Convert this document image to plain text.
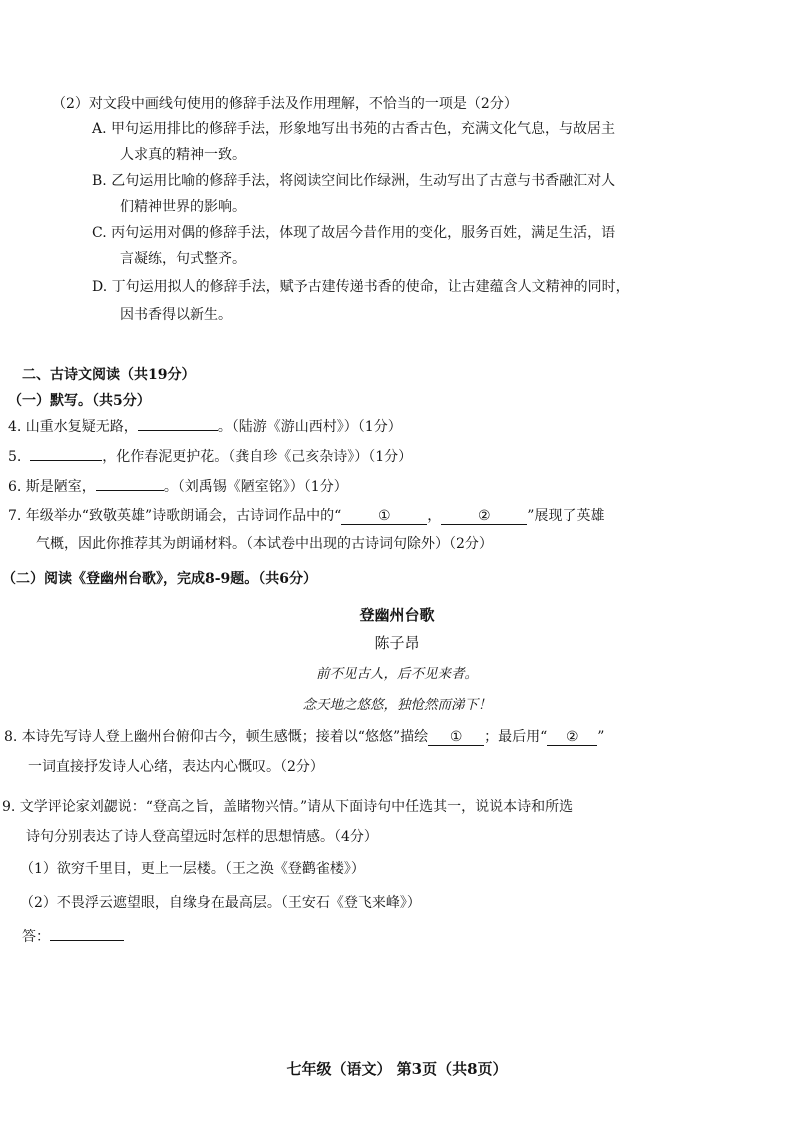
（2）对文段中画线句使用的修辞手法及作用理解，不恰当的一项是（2分）
A. 甲句运用排比的修辞手法，形象地写出书苑的古香古色，充满文化气息，与故居主
人求真的精神一致。
B. 乙句运用比喻的修辞手法，将阅读空间比作绿洲，生动写出了古意与书香融汇对人
们精神世界的影响。
C. 丙句运用对偶的修辞手法，体现了故居今昔作用的变化，服务百姓，满足生活，语
言凝练，句式整齐。
D. 丁句运用拟人的修辞手法，赋予古建传递书香的使命，让古建蕴含人文精神的同时，
因书香得以新生。
二、古诗文阅读（共19分）
（一）默写。（共5分）
4. 山重水复疑无路，	。（陆游《游山西村》）（1分）
5.	，化作春泥更护花。（龚自珍《己亥杂诗》）（1分）
6. 斯是陋室，	。（刘禹锡《陋室铭》）（1分）
7. 年级举办“致敬英雄”诗歌朗诵会，古诗词作品中的“	①	，	②	”展现了英雄
气概，因此你推荐其为朗诵材料。（本试卷中出现的古诗词句除外）（2分）
（二）阅读《登幽州台歌》，完成8-9题。（共6分）
登幽州台歌
陈子昂
前不见古人，后不见来者。
念天地之悠悠，独怆然而涕下！
8. 本诗先写诗人登上幽州台俯仰古今，顿生感慨；接着以“悠悠”描绘 ① ；最后用“ ② ”
一词直接抒发诗人心绪，表达内心慨叹。（2分）
9. 文学评论家刘勰说：“登高之旨，盖睹物兴情。”请从下面诗句中任选其一，说说本诗和所选
诗句分别表达了诗人登高望远时怎样的思想情感。（4分）
（1）欲穷千里目，更上一层楼。（王之涣《登鹳雀楼》）
（2）不畏浮云遮望眼，自缘身在最高层。（王安石《登飞来峰》）
答：
七年级（语文） 第3页（共8页）
